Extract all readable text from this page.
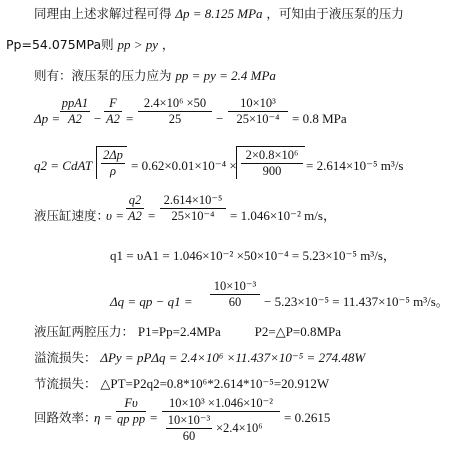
同理由上述求解过程可得 Δp = 8.125 MPa ，可知由于液压泵的压力
Pp=54.075MPa则 pp > py ，
则有：液压泵的压力应为 pp = py = 2.4 MPa
Δp =
ppA1
$A2 - \frac{F}{A2} = \frac{\text{2.4×10⁶ ×50}}{25} - \frac{\text{10×10³}}{\text{25×10⁻⁴}} = 0.8$ MPa
q2 = CdAT
2Δp
ρ	= 0.62×0.01×10⁻⁴ ×
2×0.8×10⁶
900	= 2.614×10⁻⁵ m³/s
液压缸速度：
$\upsilon = \frac{q2}{A2} = \frac{\text{2.614×10⁻⁵}}{\text{25×10⁻⁴}} = 1.046\times 10^{-2}$ m/s，
q1 = υA1 = 1.046×10⁻² ×50×10⁻⁴ = 5.23×10⁻⁵ m³/s，
Δq = qp − $q1 = \frac{\text{10×10⁻³}}{60} - 5.23\times 10^{-5} = 11.437\times 10^{-5}$ m³/s。
液压缸两腔压力： P1=Pp=2.4MPa	P2=△P=0.8MPa
溢流损失： ΔPy = pPΔq = 2.4×10⁶ ×11.437×10⁻⁵ = 274.48W
节流损失： △PT=P2q2=0.8*10⁶*2.614*10⁻⁵=20.912W
回路效率：
$\eta = \frac{F\upsilon}{\text{qp pp}} = \frac{\text{10×10³ ×1.046×10⁻²}}{\frac{\text{10×10⁻³}}{60} \times 2.4\times 10^6} = 0.2615$
